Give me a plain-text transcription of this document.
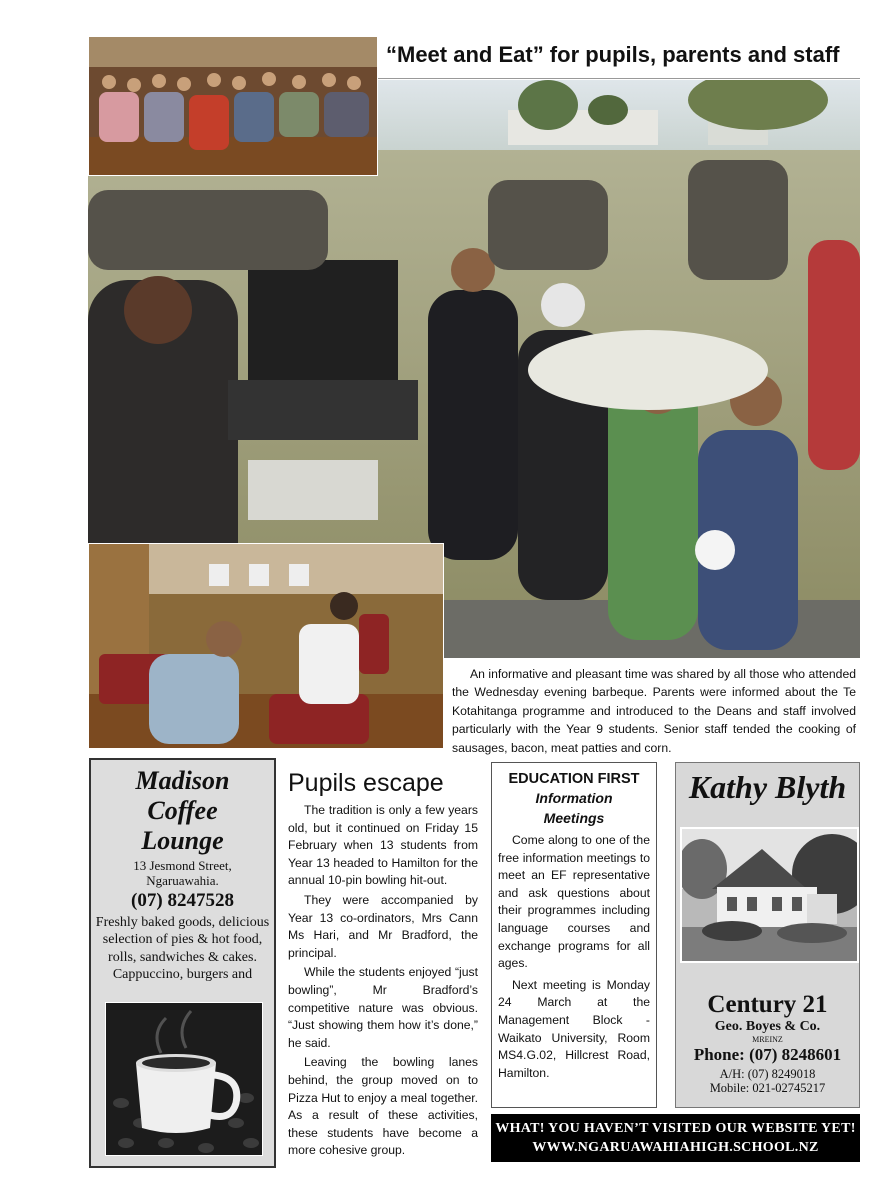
“Meet and Eat” for pupils, parents and staff
An informative and pleasant time was shared by all those who attended the Wednesday evening barbeque. Parents were informed about the Te Kotahitanga programme and introduced to the Deans and staff involved particularly with the Year 9 students. Senior staff tended the cooking of sausages, bacon, meat patties and corn.
Madison
Coffee
Lounge
13 Jesmond Street,
Ngaruawahia.
(07) 8247528
Freshly baked goods, delicious selection of pies & hot food, rolls, sandwiches & cakes. Cappuccino, burgers and
Pupils escape

The tradition is only a few years old, but it continued on Friday 15 February when 13 students from Year 13 headed to Hamilton for the annual 10-pin bowling hit-out.

They were accompanied by Year 13 co-ordinators, Mrs Cann Ms Hari, and Mr Bradford, the principal.

While the students enjoyed “just bowling”, Mr Bradford’s competitive nature was obvious. “Just showing them how it’s done,” he said.

Leaving the bowling lanes behind, the group moved on to Pizza Hut to enjoy a meal together. As a result of these activities, these students have become a more cohesive group.

EDUCATION FIRST
Information
Meetings

Come along to one of the free information meetings to meet an EF representative and ask questions about their programmes including language courses and exchange programs for all ages.

Next meeting is Monday 24 March at the Management Block - Waikato University, Room MS4.G.02, Hillcrest Road, Hamilton.

Kathy Blyth
Century 21
Geo. Boyes & Co.
MREINZ
Phone: (07) 8248601
A/H: (07) 8249018
Mobile: 021-02745217
WHAT! YOU HAVEN’T VISITED OUR WEBSITE YET!
WWW.NGARUAWAHIAHIGH.SCHOOL.NZ
